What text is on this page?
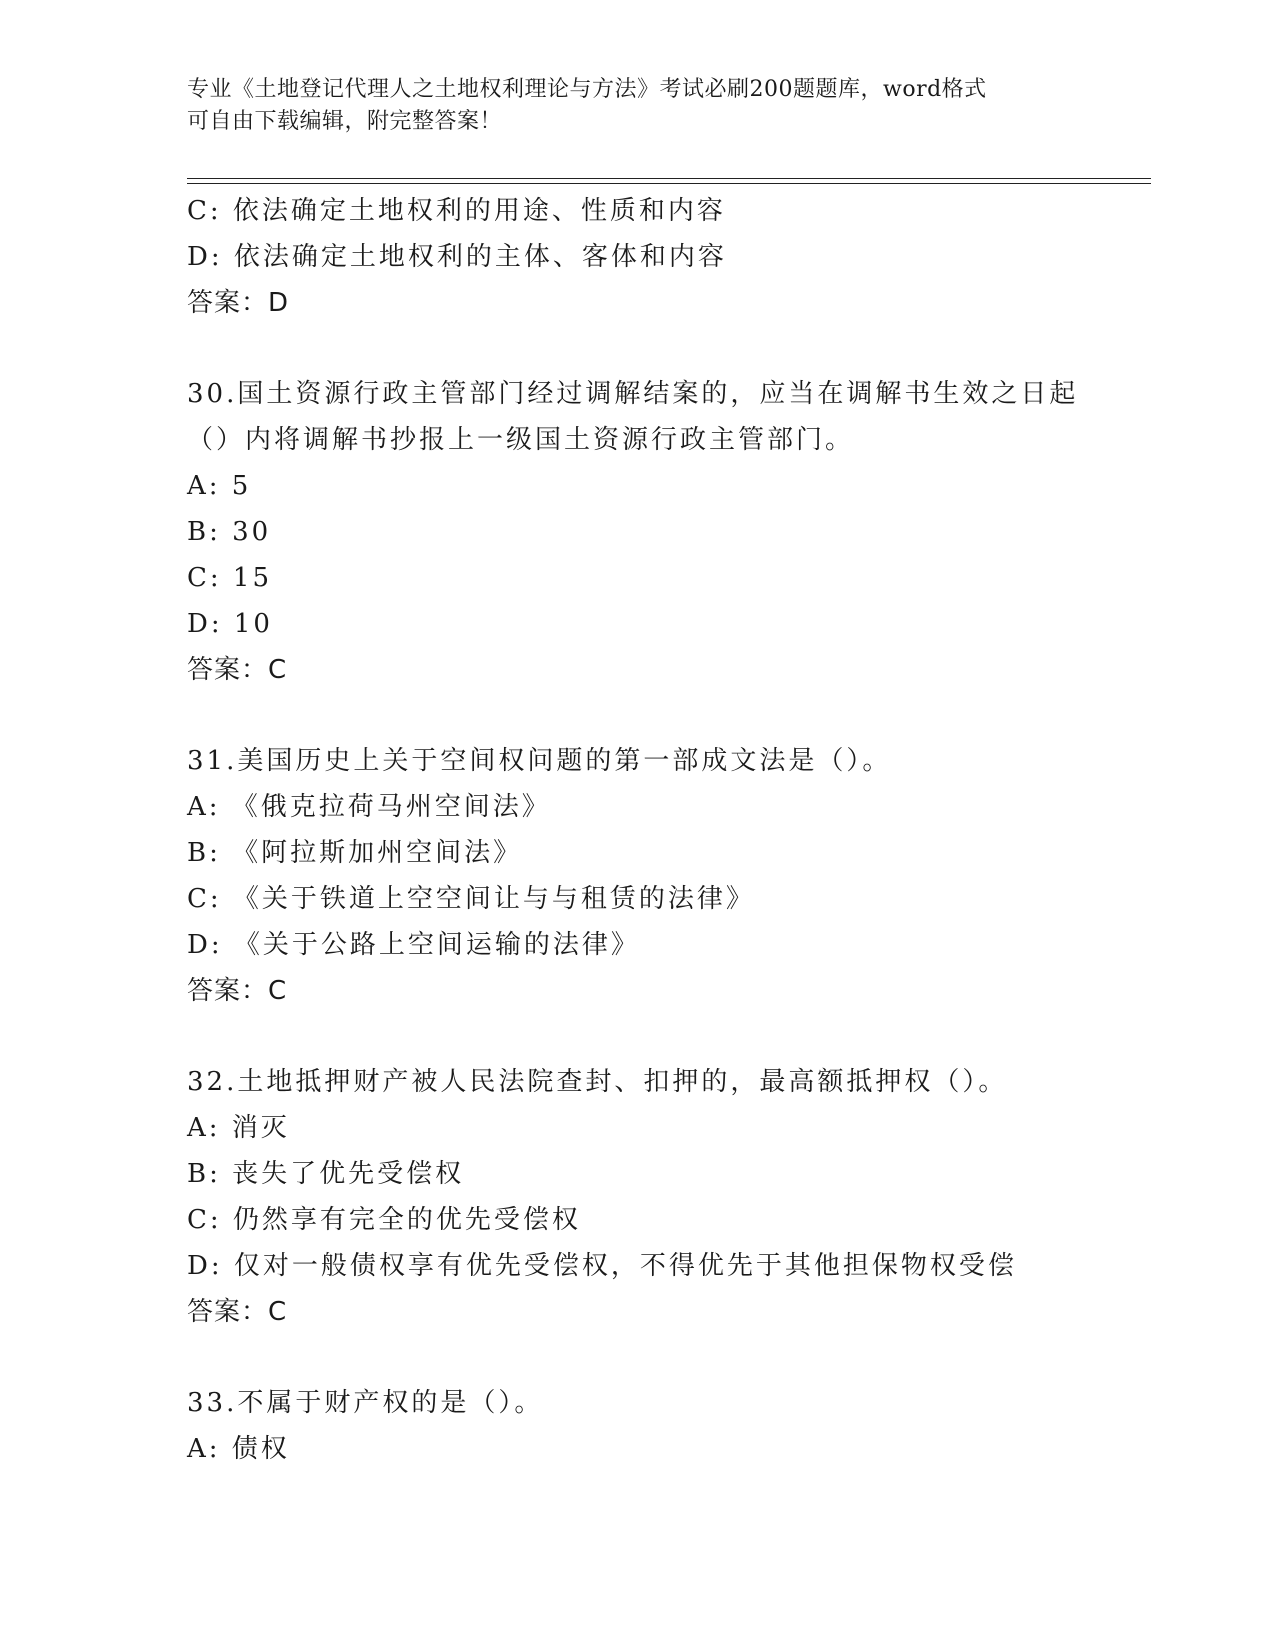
专业《土地登记代理人之土地权利理论与方法》考试必刷200题题库，word格式
可自由下载编辑，附完整答案！
C: 依法确定土地权利的用途、性质和内容
D: 依法确定土地权利的主体、客体和内容
答案：D
30.国土资源行政主管部门经过调解结案的，应当在调解书生效之日起
（）内将调解书抄报上一级国土资源行政主管部门。
A: 5
B: 30
C: 15
D: 10
答案：C
31.美国历史上关于空间权问题的第一部成文法是（）。
A: 《俄克拉荷马州空间法》
B: 《阿拉斯加州空间法》
C: 《关于铁道上空空间让与与租赁的法律》
D: 《关于公路上空间运输的法律》
答案：C
32.土地抵押财产被人民法院查封、扣押的，最高额抵押权（）。
A: 消灭
B: 丧失了优先受偿权
C: 仍然享有完全的优先受偿权
D: 仅对一般债权享有优先受偿权，不得优先于其他担保物权受偿
答案：C
33.不属于财产权的是（）。
A: 债权
